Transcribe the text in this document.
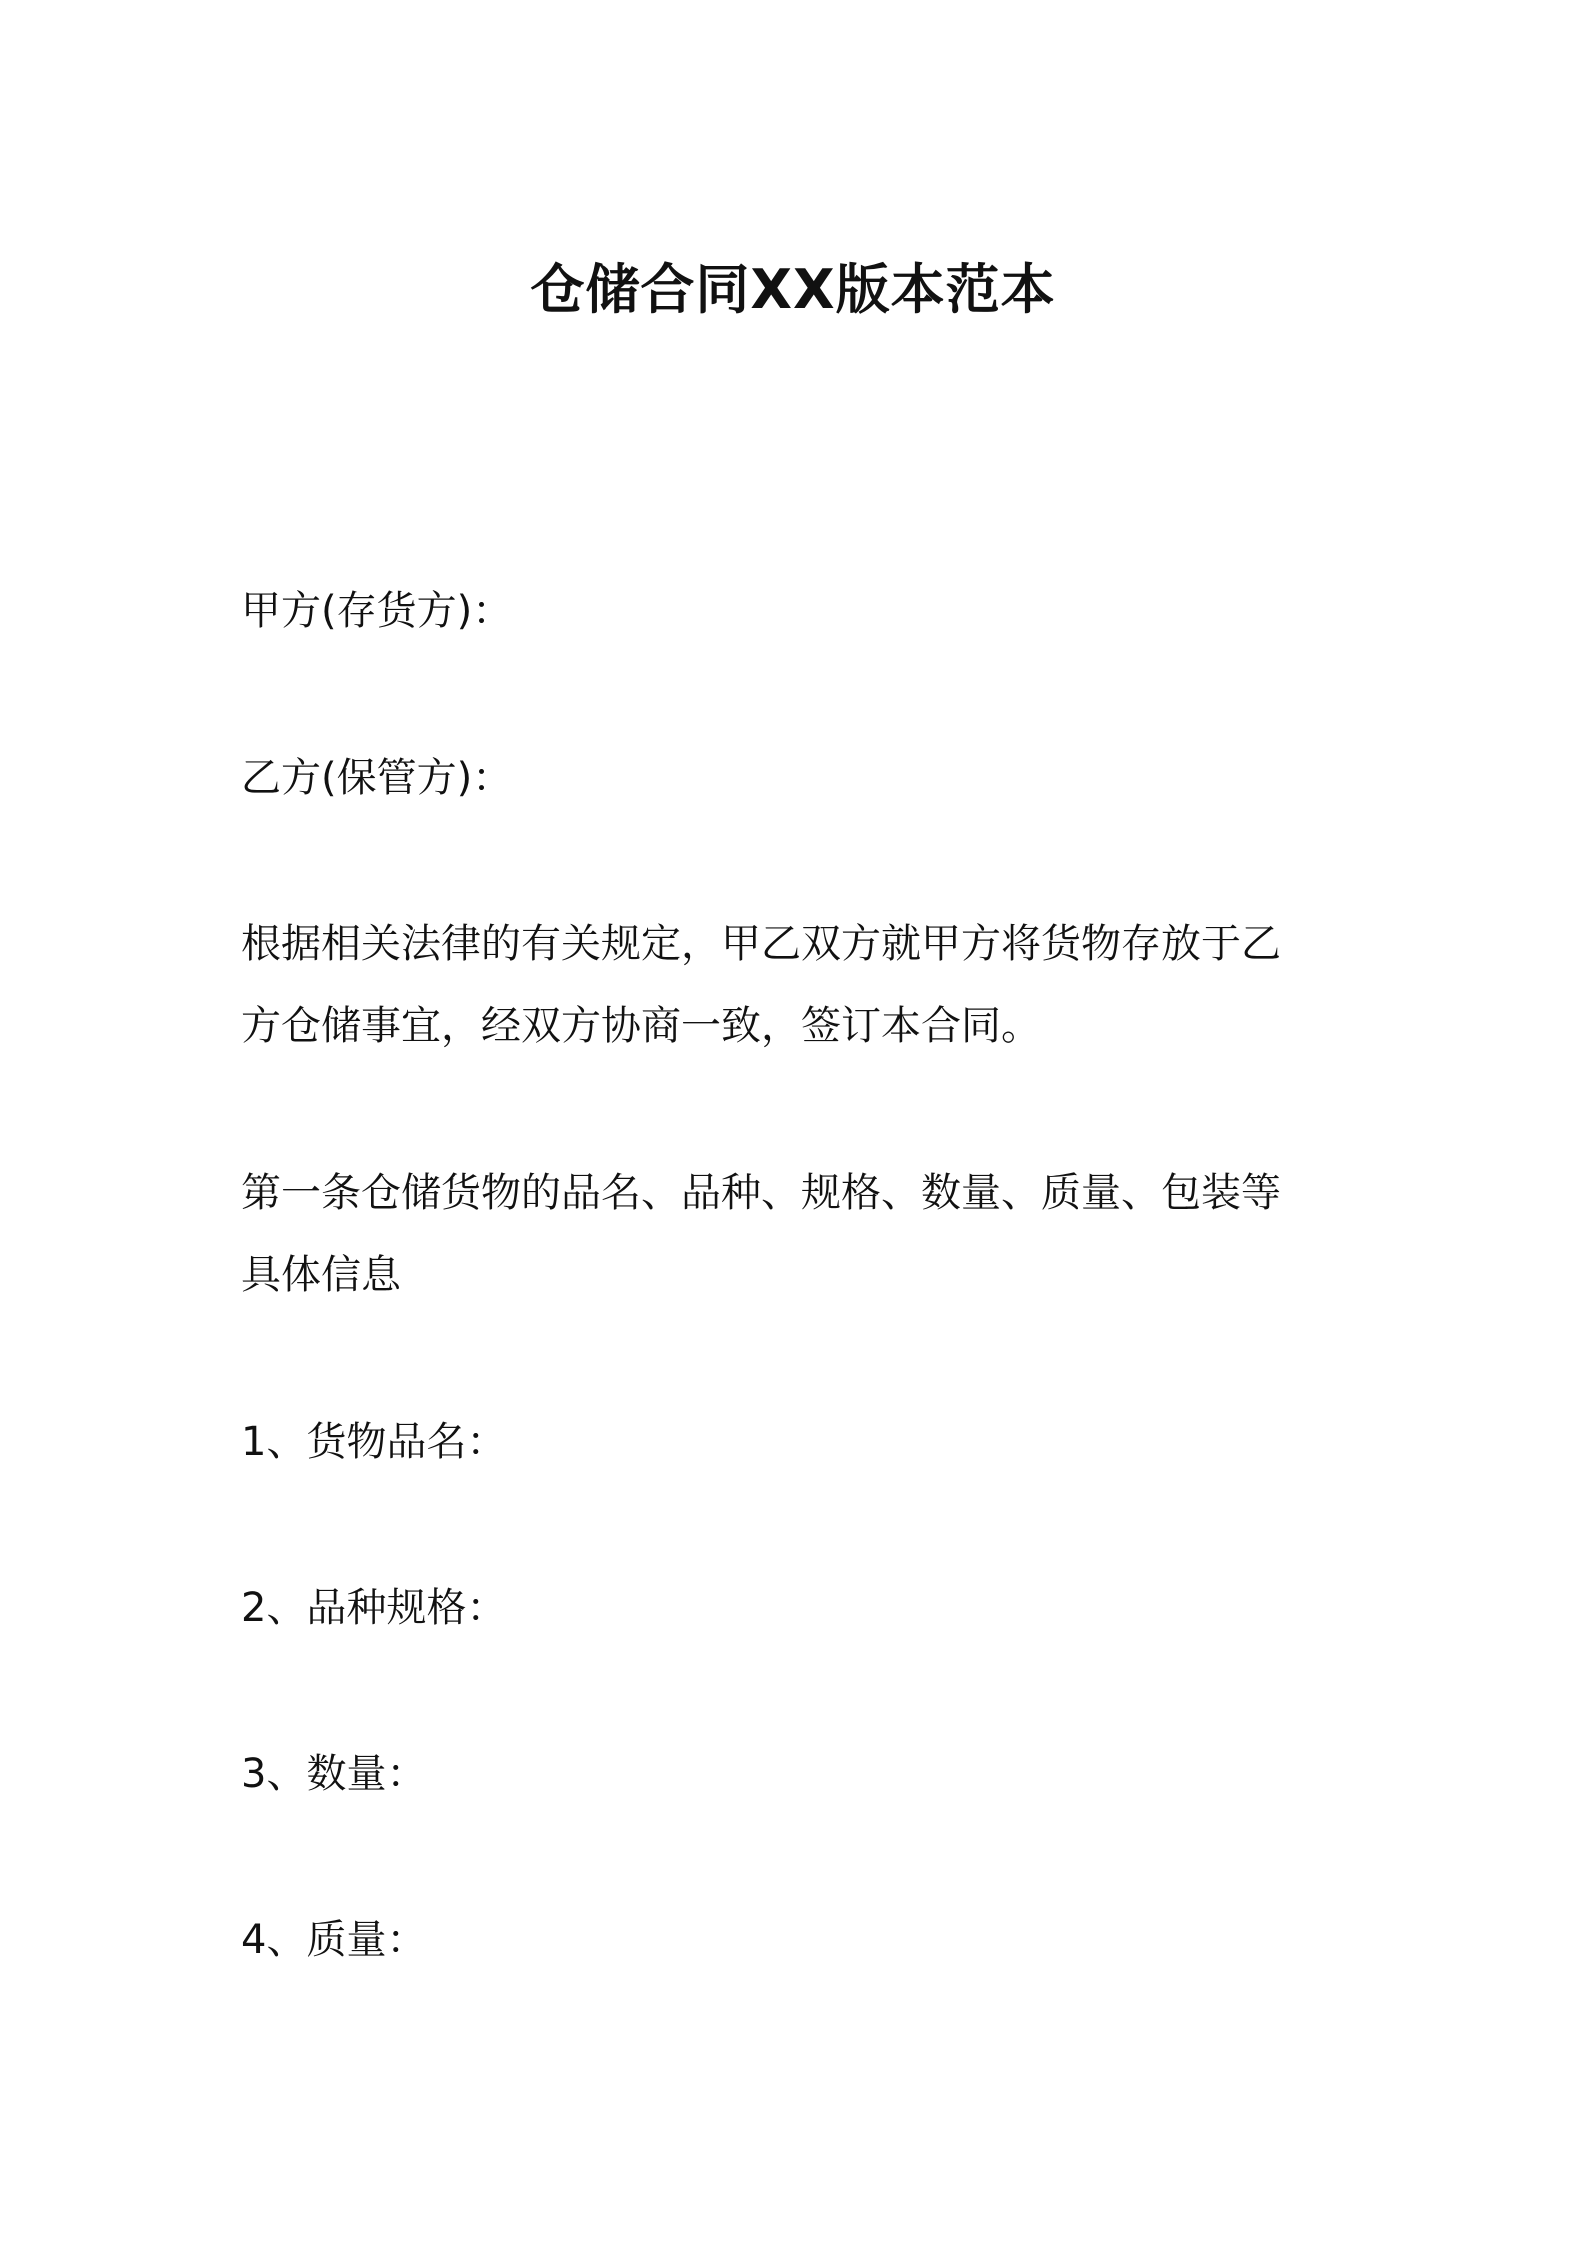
仓储合同XX版本范本
甲方(存货方)：
乙方(保管方)：
根据相关法律的有关规定，甲乙双方就甲方将货物存放于乙
方仓储事宜，经双方协商一致，签订本合同。
第一条仓储货物的品名、品种、规格、数量、质量、包装等
具体信息
1、货物品名：
2、品种规格：
3、数量：
4、质量：
